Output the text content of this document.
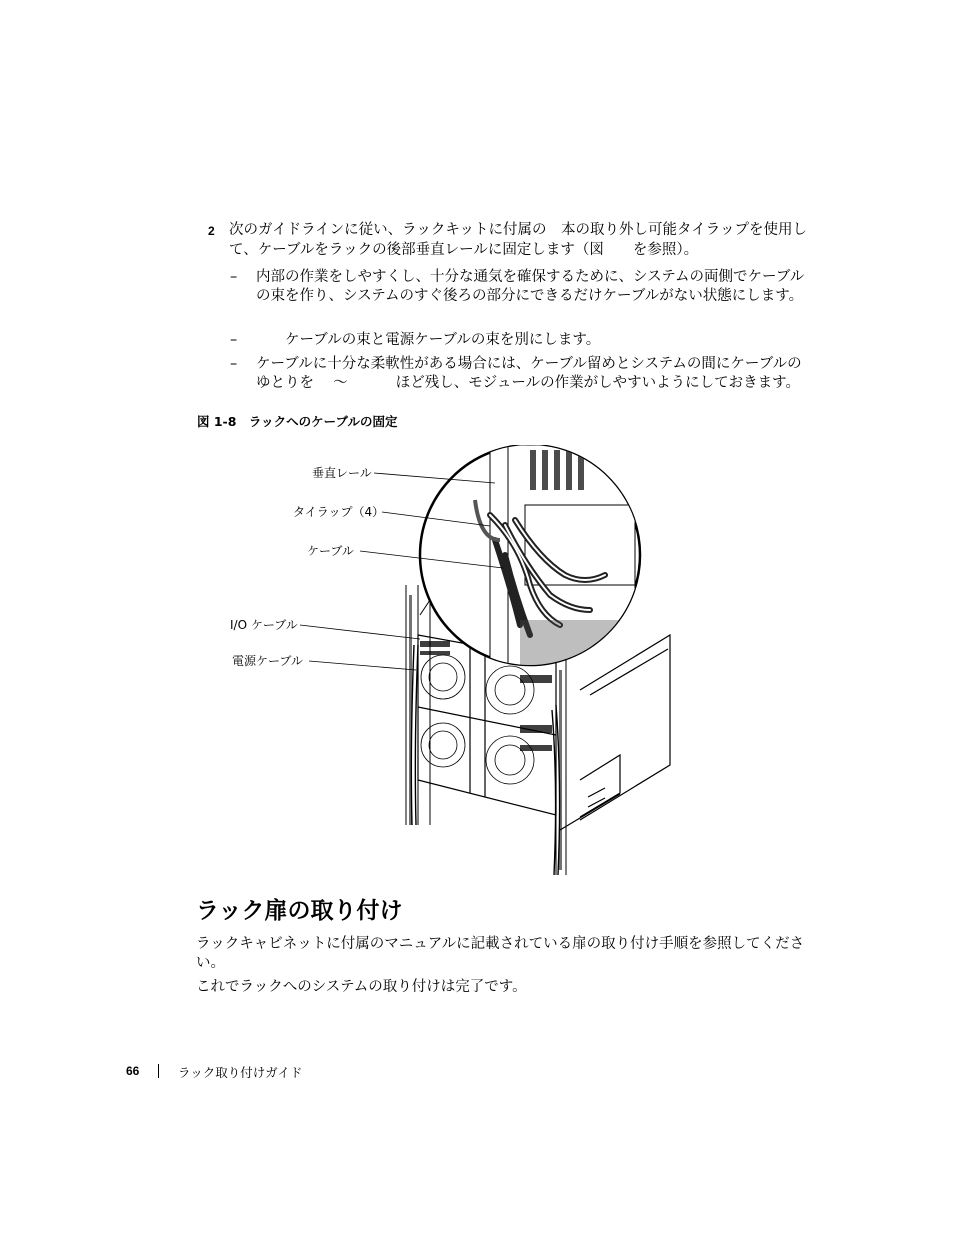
2 次のガイドラインに従い、ラックキットに付属の　本の取り外し可能タイラップを使用して、ケーブルをラックの後部垂直レールに固定します（図　　を参照）。
– 内部の作業をしやすくし、十分な通気を確保するために、システムの両側でケーブルの束を作り、システムのすぐ後ろの部分にできるだけケーブルがない状態にします。
– 　　ケーブルの束と電源ケーブルの束を別にします。
– ケーブルに十分な柔軟性がある場合には、ケーブル留めとシステムの間にケーブルのゆとりを　 〜　　　 ほど残し、モジュールの作業がしやすいようにしておきます。
図 1-8　ラックへのケーブルの固定
垂直レール
タイラップ（4）
ケーブル
I/O ケーブル
電源ケーブル
ラック扉の取り付け
ラックキャビネットに付属のマニュアルに記載されている扉の取り付け手順を参照してください。
これでラックへのシステムの取り付けは完了です。
66	ラック取り付けガイド
